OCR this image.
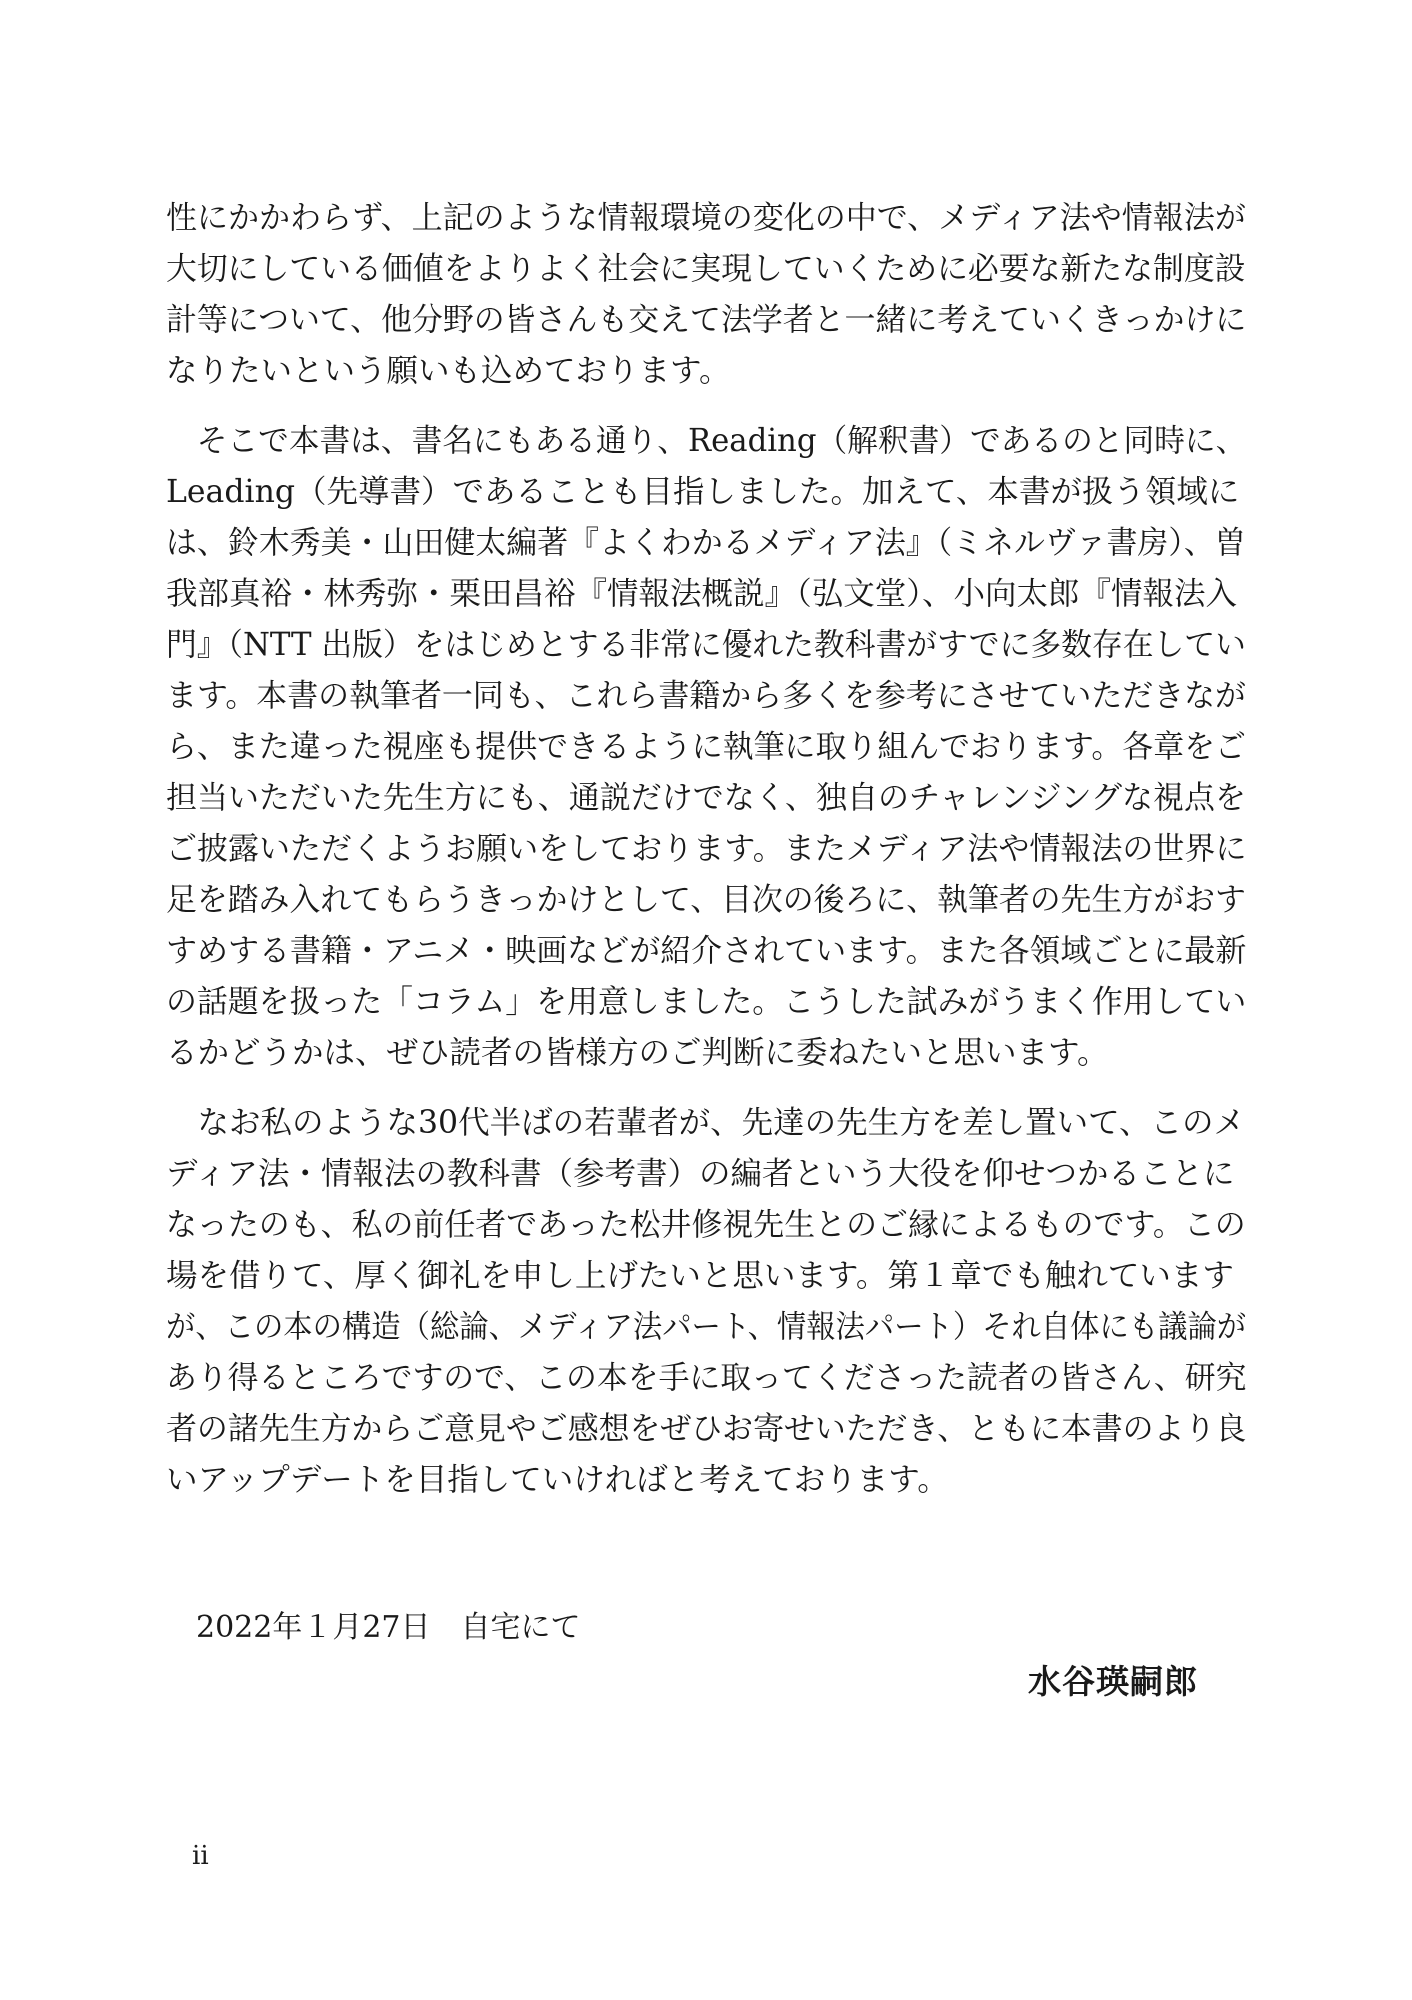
性にかかわらず、上記のような情報環境の変化の中で、メディア法や情報法が
大切にしている価値をよりよく社会に実現していくために必要な新たな制度設
計等について、他分野の皆さんも交えて法学者と一緒に考えていくきっかけに
なりたいという願いも込めております。
　そこで本書は、書名にもある通り、Reading（解釈書）であるのと同時に、
Leading（先導書）であることも目指しました。加えて、本書が扱う領域に
は、鈴木秀美・山田健太編著『よくわかるメディア法』（ミネルヴァ書房）、曽
我部真裕・林秀弥・栗田昌裕『情報法概説』（弘文堂）、小向太郎『情報法入
門』（NTT 出版）をはじめとする非常に優れた教科書がすでに多数存在してい
ます。本書の執筆者一同も、これら書籍から多くを参考にさせていただきなが
ら、また違った視座も提供できるように執筆に取り組んでおります。各章をご
担当いただいた先生方にも、通説だけでなく、独自のチャレンジングな視点を
ご披露いただくようお願いをしております。またメディア法や情報法の世界に
足を踏み入れてもらうきっかけとして、目次の後ろに、執筆者の先生方がおす
すめする書籍・アニメ・映画などが紹介されています。また各領域ごとに最新
の話題を扱った「コラム」を用意しました。こうした試みがうまく作用してい
るかどうかは、ぜひ読者の皆様方のご判断に委ねたいと思います。
　なお私のような30代半ばの若輩者が、先達の先生方を差し置いて、このメ
ディア法・情報法の教科書（参考書）の編者という大役を仰せつかることに
なったのも、私の前任者であった松井修視先生とのご縁によるものです。この
場を借りて、厚く御礼を申し上げたいと思います。第１章でも触れています
が、この本の構造（総論、メディア法パート、情報法パート）それ自体にも議論が
あり得るところですので、この本を手に取ってくださった読者の皆さん、研究
者の諸先生方からご意見やご感想をぜひお寄せいただき、ともに本書のより良
いアップデートを目指していければと考えております。
2022年１月27日　自宅にて
水谷瑛嗣郎
ii
